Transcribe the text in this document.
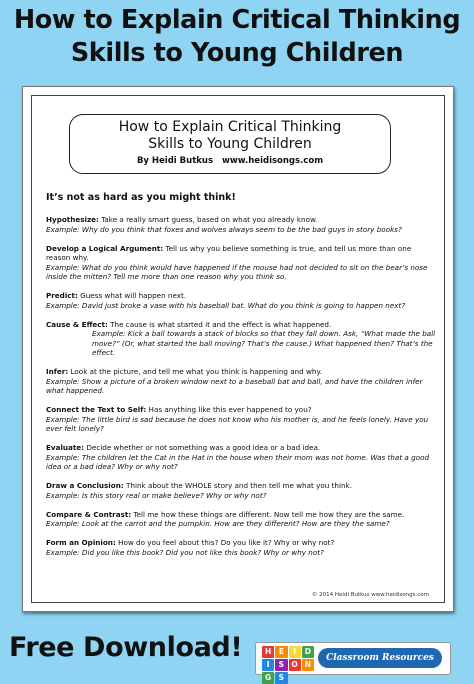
How to Explain Critical Thinking
Skills to Young Children
How to Explain Critical Thinking
Skills to Young Children
By Heidi Butkus www.heidisongs.com
It’s not as hard as you might think!

Hypothesize: Take a really smart guess, based on what you already know.

Example: Why do you think that foxes and wolves always seem to be the bad guys in story books?

Develop a Logical Argument: Tell us why you believe something is true, and tell us more than one reason why.

Example: What do you think would have happened if the mouse had not decided to sit on the bear’s nose inside the mitten? Tell me more than one reason why you think so.

Predict: Guess what will happen next.

Example: David just broke a vase with his baseball bat. What do you think is going to happen next?

Cause & Effect: The cause is what started it and the effect is what happened.

Example: Kick a ball towards a stack of blocks so that they fall down. Ask, “What made the ball move?” (Or, what started the ball moving? That’s the cause.) What happened then? That’s the effect.

Infer: Look at the picture, and tell me what you think is happening and why.

Example: Show a picture of a broken window next to a baseball bat and ball, and have the children infer what happened.

Connect the Text to Self: Has anything like this ever happened to you?

Example: The little bird is sad because he does not know who his mother is, and he feels lonely. Have you ever felt lonely?

Evaluate: Decide whether or not something was a good idea or a bad idea.

Example: The children let the Cat in the Hat in the house when their mom was not home. Was that a good idea or a bad idea? Why or why not?

Draw a Conclusion: Think about the WHOLE story and then tell me what you think.

Example: Is this story real or make believe? Why or why not?

Compare & Contrast: Tell me how these things are different. Now tell me how they are the same.

Example: Look at the carrot and the pumpkin. How are they different? How are they the same?

Form an Opinion: How do you feel about this? Do you like it? Why or why not?

Example: Did you like this book? Did you not like this book? Why or why not?

© 2014 Heidi Butkus www.heidisongs.com
Free Download!	H	E	I	D
I	S O N
G S
Classroom Resources
